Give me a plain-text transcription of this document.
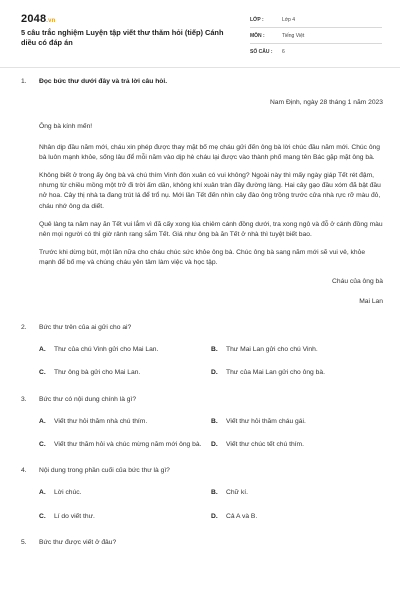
2048.vn
5 câu trắc nghiệm Luyện tập viết thư thăm hỏi (tiếp) Cánh diều có đáp án
LỚP :	Lớp 4
MÔN :	Tiếng Việt
SỐ CÂU :	6
1.	Đọc bức thư dưới đây và trả lời câu hỏi.
Nam Định, ngày 28 tháng 1 năm 2023
Ông bà kính mến!

Nhân dịp đầu năm mới, cháu xin phép được thay mặt bố mẹ cháu gửi đến ông bà lời chúc đầu năm mới. Chúc ông bà luôn mạnh khỏe, sống lâu để mỗi năm vào dịp hè cháu lại được vào thành phố mang tên Bác gặp mặt ông bà.

Không biết ở trong ấy ông bà và chú thím Vinh đón xuân có vui không? Ngoài này thì mấy ngày giáp Tết rét đậm, nhưng từ chiều mồng một trở đi trời ấm dần, không khí xuân tràn đầy đường làng. Hai cây gạo đầu xóm đã bật đầu nở hoa. Cây thị nhà ta đang trút lá để trổ nụ. Mới lần Tết đến nhìn cây đào ông trồng trước cửa nhà rực rỡ màu đỏ, cháu nhớ ông da diết.

Quê làng ta năm nay ăn Tết vui lắm vì đã cấy xong lúa chiêm cánh đồng dưới, tra xong ngô và đỗ ở cánh đồng màu nên mọi người có thì giờ rảnh rang sắm Tết. Giá như ông bà ăn Tết ở nhà thì tuyệt biết bao.

Trước khi dừng bút, một lần nữa cho cháu chúc sức khỏe ông bà. Chúc ông bà sang năm mới sẽ vui vẻ, khỏe mạnh để bố mẹ và chúng cháu yên tâm làm việc và học tập.

Cháu của ông bà

Mai Lan

2.	Bức thư trên của ai gửi cho ai?
A.	Thư của chú Vinh gửi cho Mai Lan.	B.	Thư Mai Lan gửi cho chú Vinh.
C.	Thư ông bà gửi cho Mai Lan.	D.	Thư của Mai Lan gửi cho ông bà.
3.	Bức thư có nội dung chính là gì?
A.	Viết thư hỏi thăm nhà chú thím.	B.	Viết thư hỏi thăm cháu gái.
C.	Viết thư thăm hỏi và chúc mừng năm mới ông bà.	D.	Viết thư chúc tết chú thím.
4.	Nội dung trong phần cuối của bức thư là gì?
A.	Lời chúc.	B.	Chữ kí.
C.	Lí do viết thư.	D.	Cả A và B.
5.	Bức thư được viết ở đâu?
